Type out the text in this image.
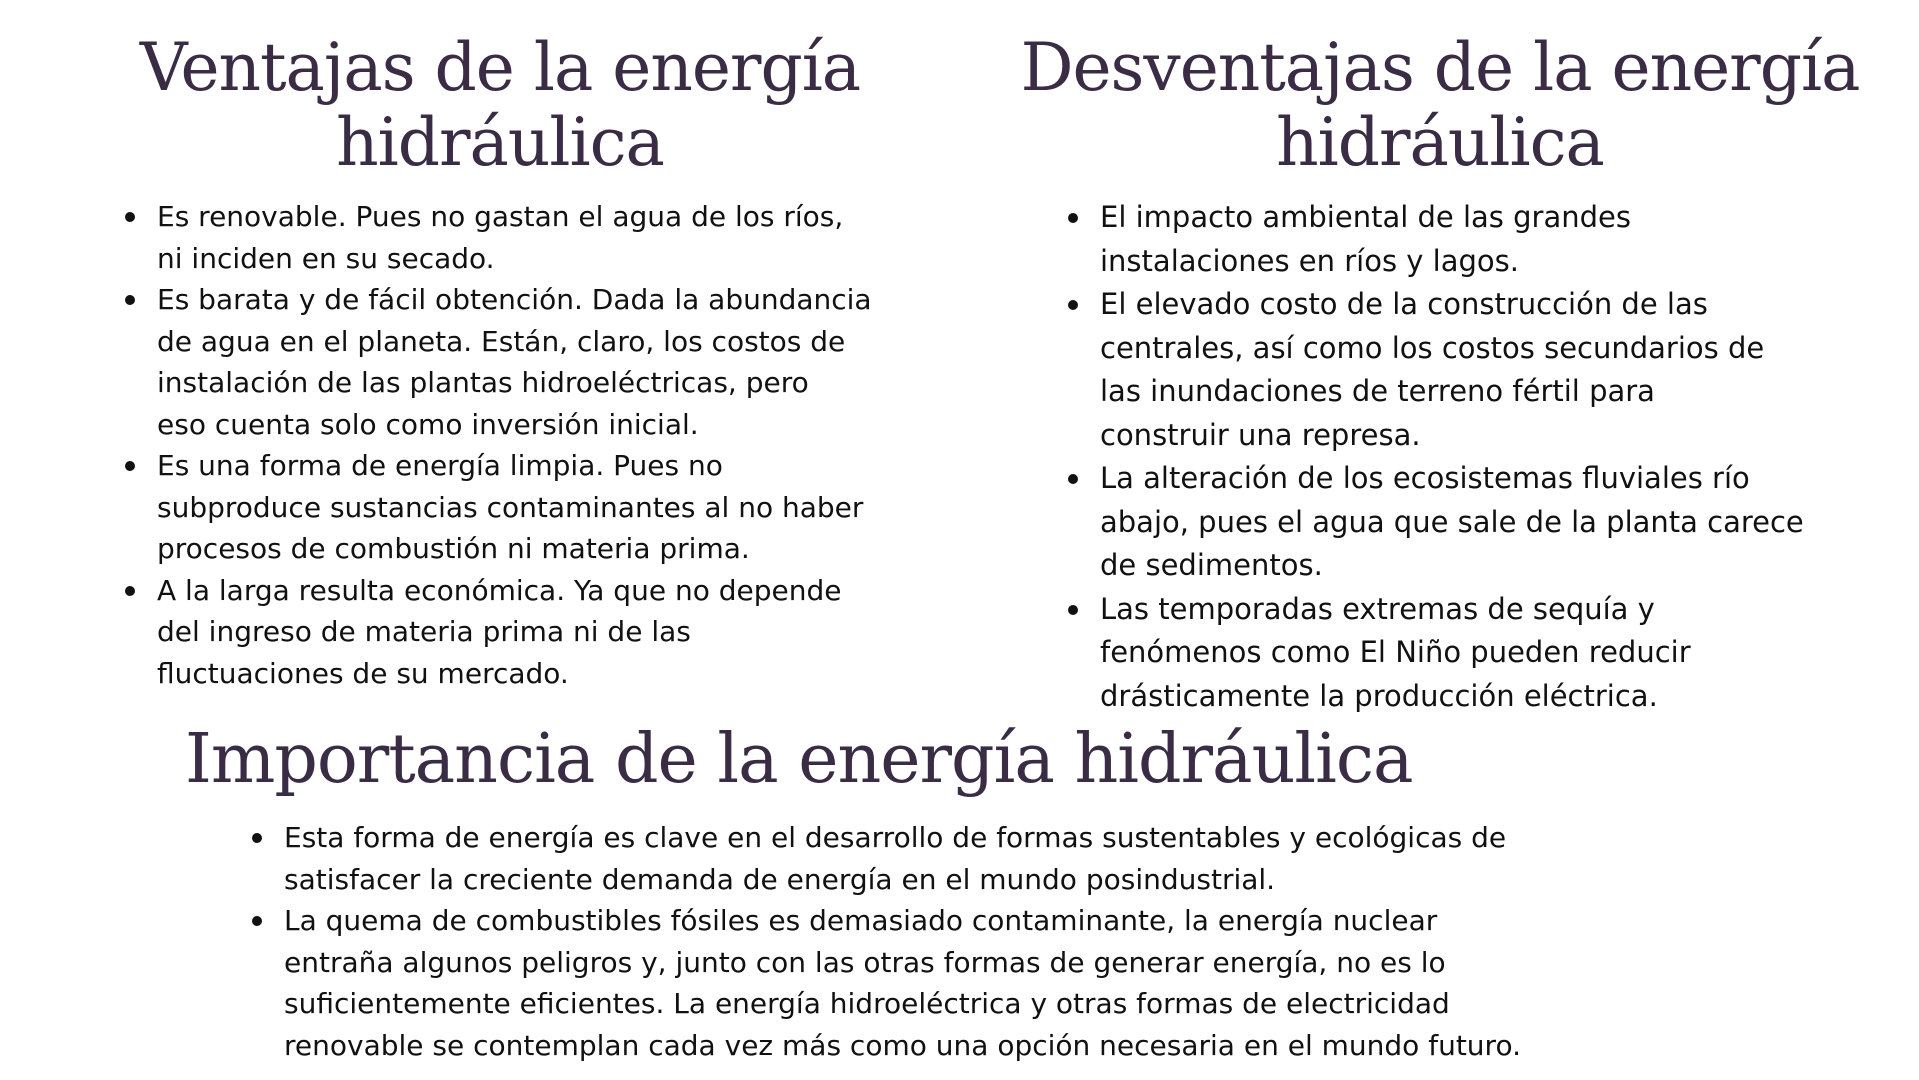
Ventajas de la energía
hidráulica
Desventajas de la energía
hidráulica
Es renovable. Pues no gastan el agua de los ríos,
ni inciden en su secado.
Es barata y de fácil obtención. Dada la abundancia
de agua en el planeta. Están, claro, los costos de
instalación de las plantas hidroeléctricas, pero
eso cuenta solo como inversión inicial.
Es una forma de energía limpia. Pues no
subproduce sustancias contaminantes al no haber
procesos de combustión ni materia prima.
A la larga resulta económica. Ya que no depende
del ingreso de materia prima ni de las
fluctuaciones de su mercado.
El impacto ambiental de las grandes
instalaciones en ríos y lagos.
El elevado costo de la construcción de las
centrales, así como los costos secundarios de
las inundaciones de terreno fértil para
construir una represa.
La alteración de los ecosistemas fluviales río
abajo, pues el agua que sale de la planta carece
de sedimentos.
Las temporadas extremas de sequía y
fenómenos como El Niño pueden reducir
drásticamente la producción eléctrica.
Importancia de la energía hidráulica
Esta forma de energía es clave en el desarrollo de formas sustentables y ecológicas de
satisfacer la creciente demanda de energía en el mundo posindustrial.
La quema de combustibles fósiles es demasiado contaminante, la energía nuclear
entraña algunos peligros y, junto con las otras formas de generar energía, no es lo
suficientemente eficientes. La energía hidroeléctrica y otras formas de electricidad
renovable se contemplan cada vez más como una opción necesaria en el mundo futuro.
